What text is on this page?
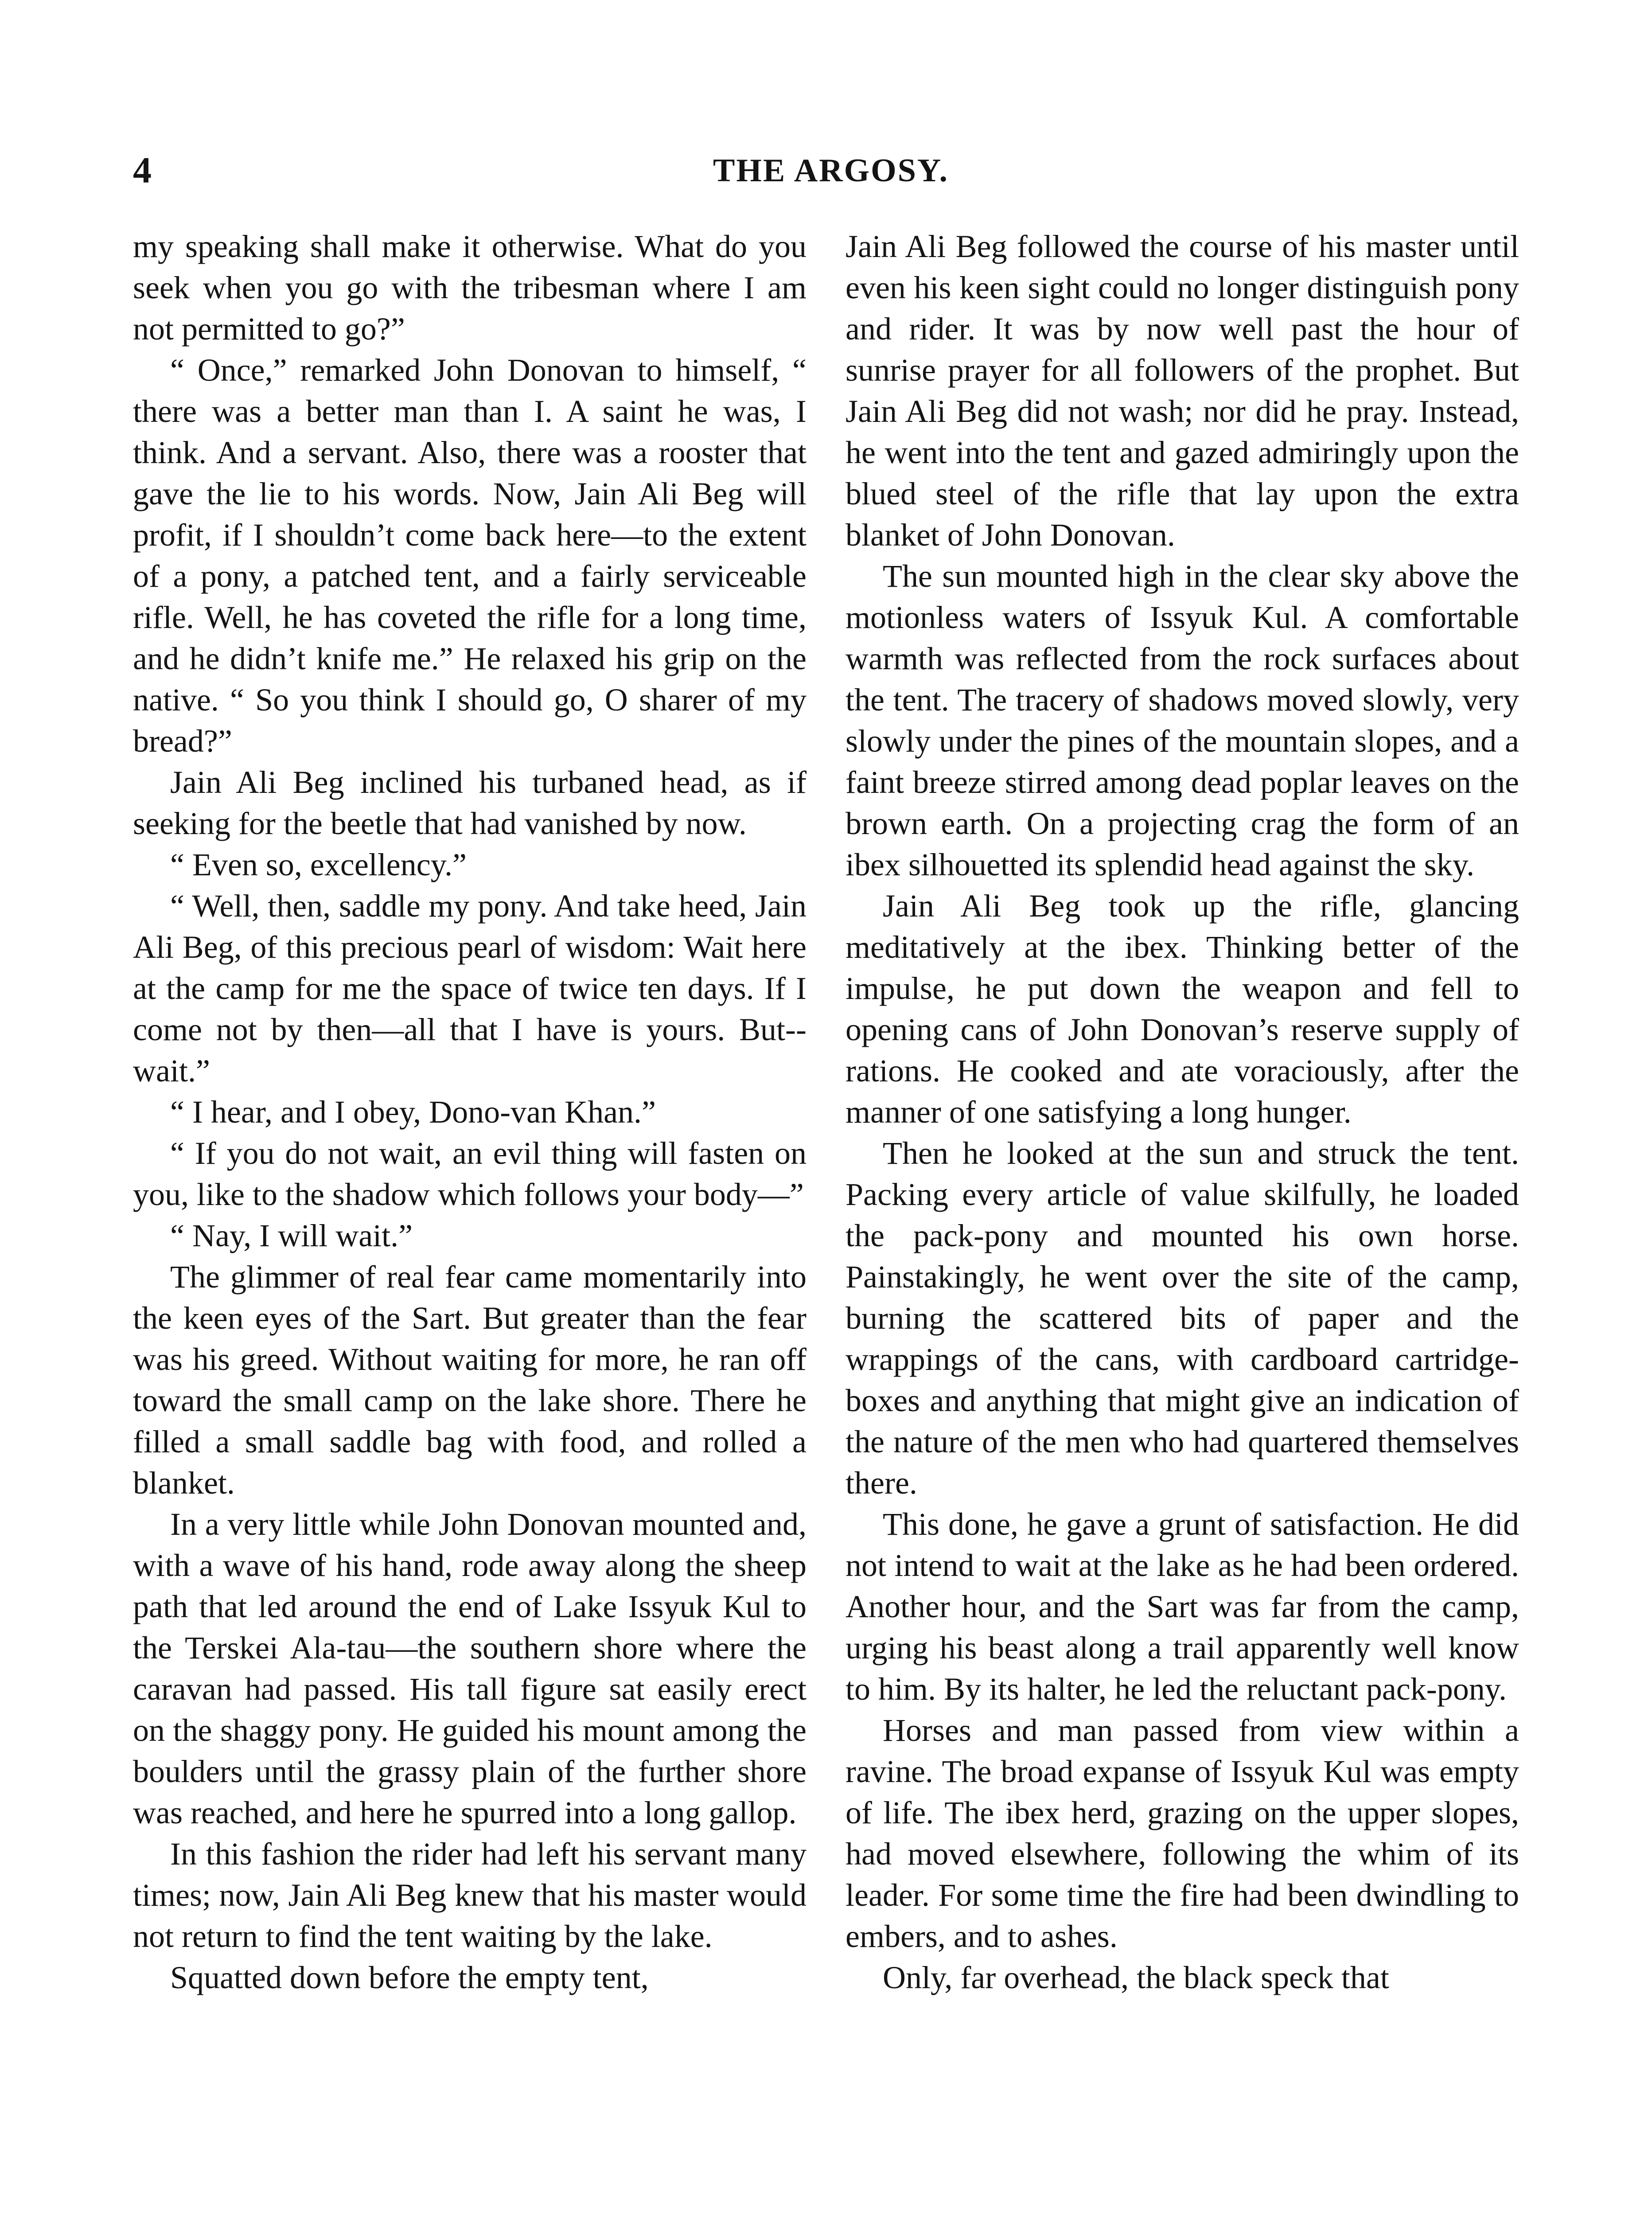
4	THE ARGOSY.

my speaking shall make it otherwise. What do you seek when you go with the tribesman where I am not permitted to go?”

“ Once,” remarked John Donovan to himself, “ there was a better man than I. A saint he was, I think. And a servant. Also, there was a rooster that gave the lie to his words. Now, Jain Ali Beg will profit, if I shouldn’t come back here—to the extent of a pony, a patched tent, and a fairly serviceable rifle. Well, he has coveted the rifle for a long time, and he didn’t knife me.” He relaxed his grip on the native. “ So you think I should go, O sharer of my bread?”

Jain Ali Beg inclined his turbaned head, as if seeking for the beetle that had vanished by now.

“ Even so, excellency.”

“ Well, then, saddle my pony. And take heed, Jain Ali Beg, of this precious pearl of wisdom: Wait here at the camp for me the space of twice ten days. If I come not by then—all that I have is yours. But--wait.”

“ I hear, and I obey, Dono-van Khan.”

“ If you do not wait, an evil thing will fasten on you, like to the shadow which follows your body—”

“ Nay, I will wait.”

The glimmer of real fear came momentarily into the keen eyes of the Sart. But greater than the fear was his greed. Without waiting for more, he ran off toward the small camp on the lake shore. There he filled a small saddle bag with food, and rolled a blanket.

In a very little while John Donovan mounted and, with a wave of his hand, rode away along the sheep path that led around the end of Lake Issyuk Kul to the Terskei Ala-tau—the southern shore where the caravan had passed. His tall figure sat easily erect on the shaggy pony. He guided his mount among the boulders until the grassy plain of the further shore was reached, and here he spurred into a long gallop.

In this fashion the rider had left his servant many times; now, Jain Ali Beg knew that his master would not return to find the tent waiting by the lake.

Squatted down before the empty tent,

Jain Ali Beg followed the course of his master until even his keen sight could no longer distinguish pony and rider. It was by now well past the hour of sunrise prayer for all followers of the prophet. But Jain Ali Beg did not wash; nor did he pray. Instead, he went into the tent and gazed admiringly upon the blued steel of the rifle that lay upon the extra blanket of John Donovan.

The sun mounted high in the clear sky above the motionless waters of Issyuk Kul. A comfortable warmth was reflected from the rock surfaces about the tent. The tracery of shadows moved slowly, very slowly under the pines of the mountain slopes, and a faint breeze stirred among dead poplar leaves on the brown earth. On a projecting crag the form of an ibex silhouetted its splendid head against the sky.

Jain Ali Beg took up the rifle, glancing meditatively at the ibex. Thinking better of the impulse, he put down the weapon and fell to opening cans of John Donovan’s reserve supply of rations. He cooked and ate voraciously, after the manner of one satisfying a long hunger.

Then he looked at the sun and struck the tent. Packing every article of value skilfully, he loaded the pack-pony and mounted his own horse. Painstakingly, he went over the site of the camp, burning the scattered bits of paper and the wrappings of the cans, with cardboard cartridge-boxes and anything that might give an indication of the nature of the men who had quartered themselves there.

This done, he gave a grunt of satisfaction. He did not intend to wait at the lake as he had been ordered. Another hour, and the Sart was far from the camp, urging his beast along a trail apparently well know to him. By its halter, he led the reluctant pack-pony.

Horses and man passed from view within a ravine. The broad expanse of Issyuk Kul was empty of life. The ibex herd, grazing on the upper slopes, had moved elsewhere, following the whim of its leader. For some time the fire had been dwindling to embers, and to ashes.

Only, far overhead, the black speck that
